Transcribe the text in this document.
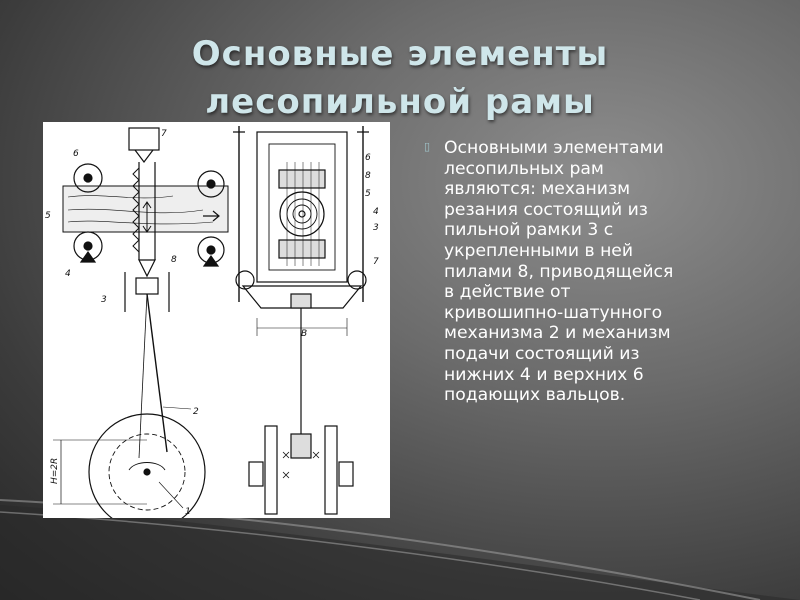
Основные элементы
лесопильной рамы
7
6
5
4
3
8
2
1
H=2R
6
8
5
4
3
7
B
▯ Основными элементами
лесопильных рам
являются: механизм
резания состоящий из
пильной рамки 3 с
укрепленными в ней
пилами 8, приводящейся
в действие от
кривошипно-шатунного
механизма 2 и механизм
подачи состоящий из
нижних 4 и верхних 6
подающих вальцов.
